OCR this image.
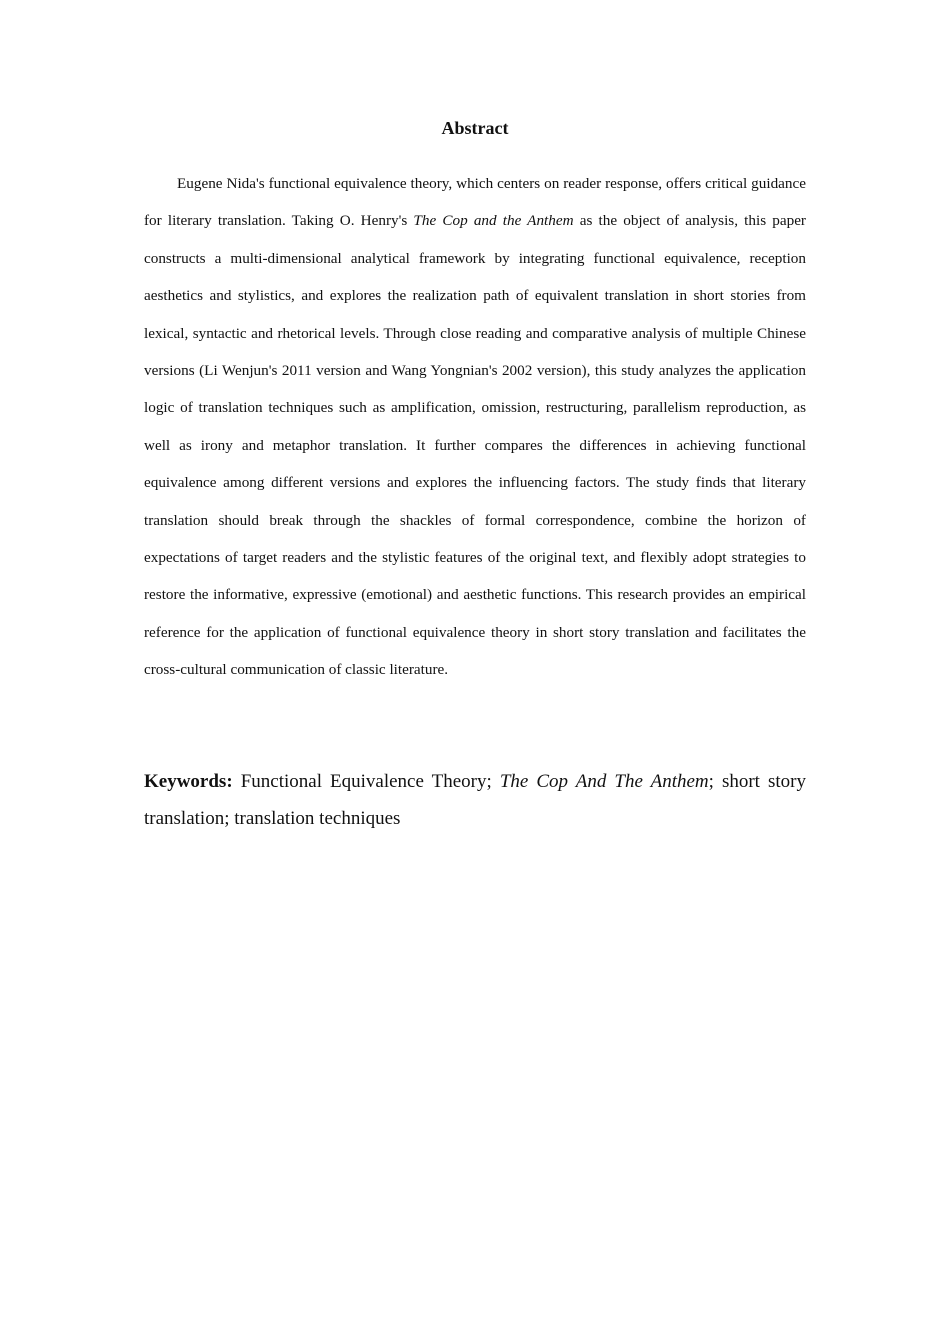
Abstract

Eugene Nida's functional equivalence theory, which centers on reader response, offers critical guidance for literary translation. Taking O. Henry's The Cop and the Anthem as the object of analysis, this paper constructs a multi-dimensional analytical framework by integrating functional equivalence, reception aesthetics and stylistics, and explores the realization path of equivalent translation in short stories from lexical, syntactic and rhetorical levels. Through close reading and comparative analysis of multiple Chinese versions (Li Wenjun's 2011 version and Wang Yongnian's 2002 version), this study analyzes the application logic of translation techniques such as amplification, omission, restructuring, parallelism reproduction, as well as irony and metaphor translation. It further compares the differences in achieving functional equivalence among different versions and explores the influencing factors. The study finds that literary translation should break through the shackles of formal correspondence, combine the horizon of expectations of target readers and the stylistic features of the original text, and flexibly adopt strategies to restore the informative, expressive (emotional) and aesthetic functions. This research provides an empirical reference for the application of functional equivalence theory in short story translation and facilitates the cross-cultural communication of classic literature.

Keywords: Functional Equivalence Theory; The Cop And The Anthem; short story translation; translation techniques
